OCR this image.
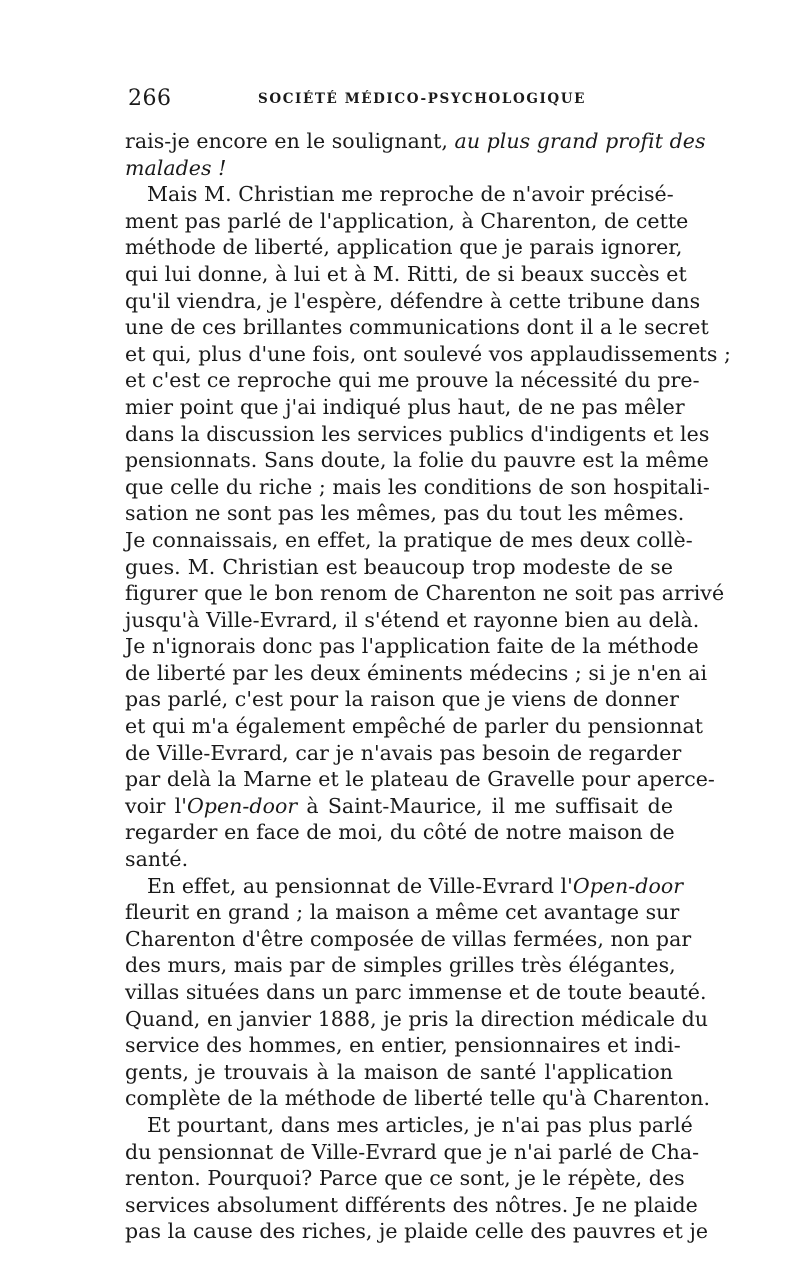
266	SOCIÉTÉ MÉDICO-PSYCHOLOGIQUE
rais-je encore en le soulignant, au plus grand profit des
malades !
Mais M. Christian me reproche de n'avoir précisé-
ment pas parlé de l'application, à Charenton, de cette
méthode de liberté, application que je parais ignorer,
qui lui donne, à lui et à M. Ritti, de si beaux succès et
qu'il viendra, je l'espère, défendre à cette tribune dans
une de ces brillantes communications dont il a le secret
et qui, plus d'une fois, ont soulevé vos applaudissements ;
et c'est ce reproche qui me prouve la nécessité du pre-
mier point que j'ai indiqué plus haut, de ne pas mêler
dans la discussion les services publics d'indigents et les
pensionnats. Sans doute, la folie du pauvre est la même
que celle du riche ; mais les conditions de son hospitali-
sation ne sont pas les mêmes, pas du tout les mêmes.
Je connaissais, en effet, la pratique de mes deux collè-
gues. M. Christian est beaucoup trop modeste de se
figurer que le bon renom de Charenton ne soit pas arrivé
jusqu'à Ville-Evrard, il s'étend et rayonne bien au delà.
Je n'ignorais donc pas l'application faite de la méthode
de liberté par les deux éminents médecins ; si je n'en ai
pas parlé, c'est pour la raison que je viens de donner
et qui m'a également empêché de parler du pensionnat
de Ville-Evrard, car je n'avais pas besoin de regarder
par delà la Marne et le plateau de Gravelle pour aperce-
voir l'Open-door à Saint-Maurice, il me suffisait de
regarder en face de moi, du côté de notre maison de
santé.
En effet, au pensionnat de Ville-Evrard l'Open-door
fleurit en grand ; la maison a même cet avantage sur
Charenton d'être composée de villas fermées, non par
des murs, mais par de simples grilles très élégantes,
villas situées dans un parc immense et de toute beauté.
Quand, en janvier 1888, je pris la direction médicale du
service des hommes, en entier, pensionnaires et indi-
gents, je trouvais à la maison de santé l'application
complète de la méthode de liberté telle qu'à Charenton.
Et pourtant, dans mes articles, je n'ai pas plus parlé
du pensionnat de Ville-Evrard que je n'ai parlé de Cha-
renton. Pourquoi? Parce que ce sont, je le répète, des
services absolument différents des nôtres. Je ne plaide
pas la cause des riches, je plaide celle des pauvres et je
